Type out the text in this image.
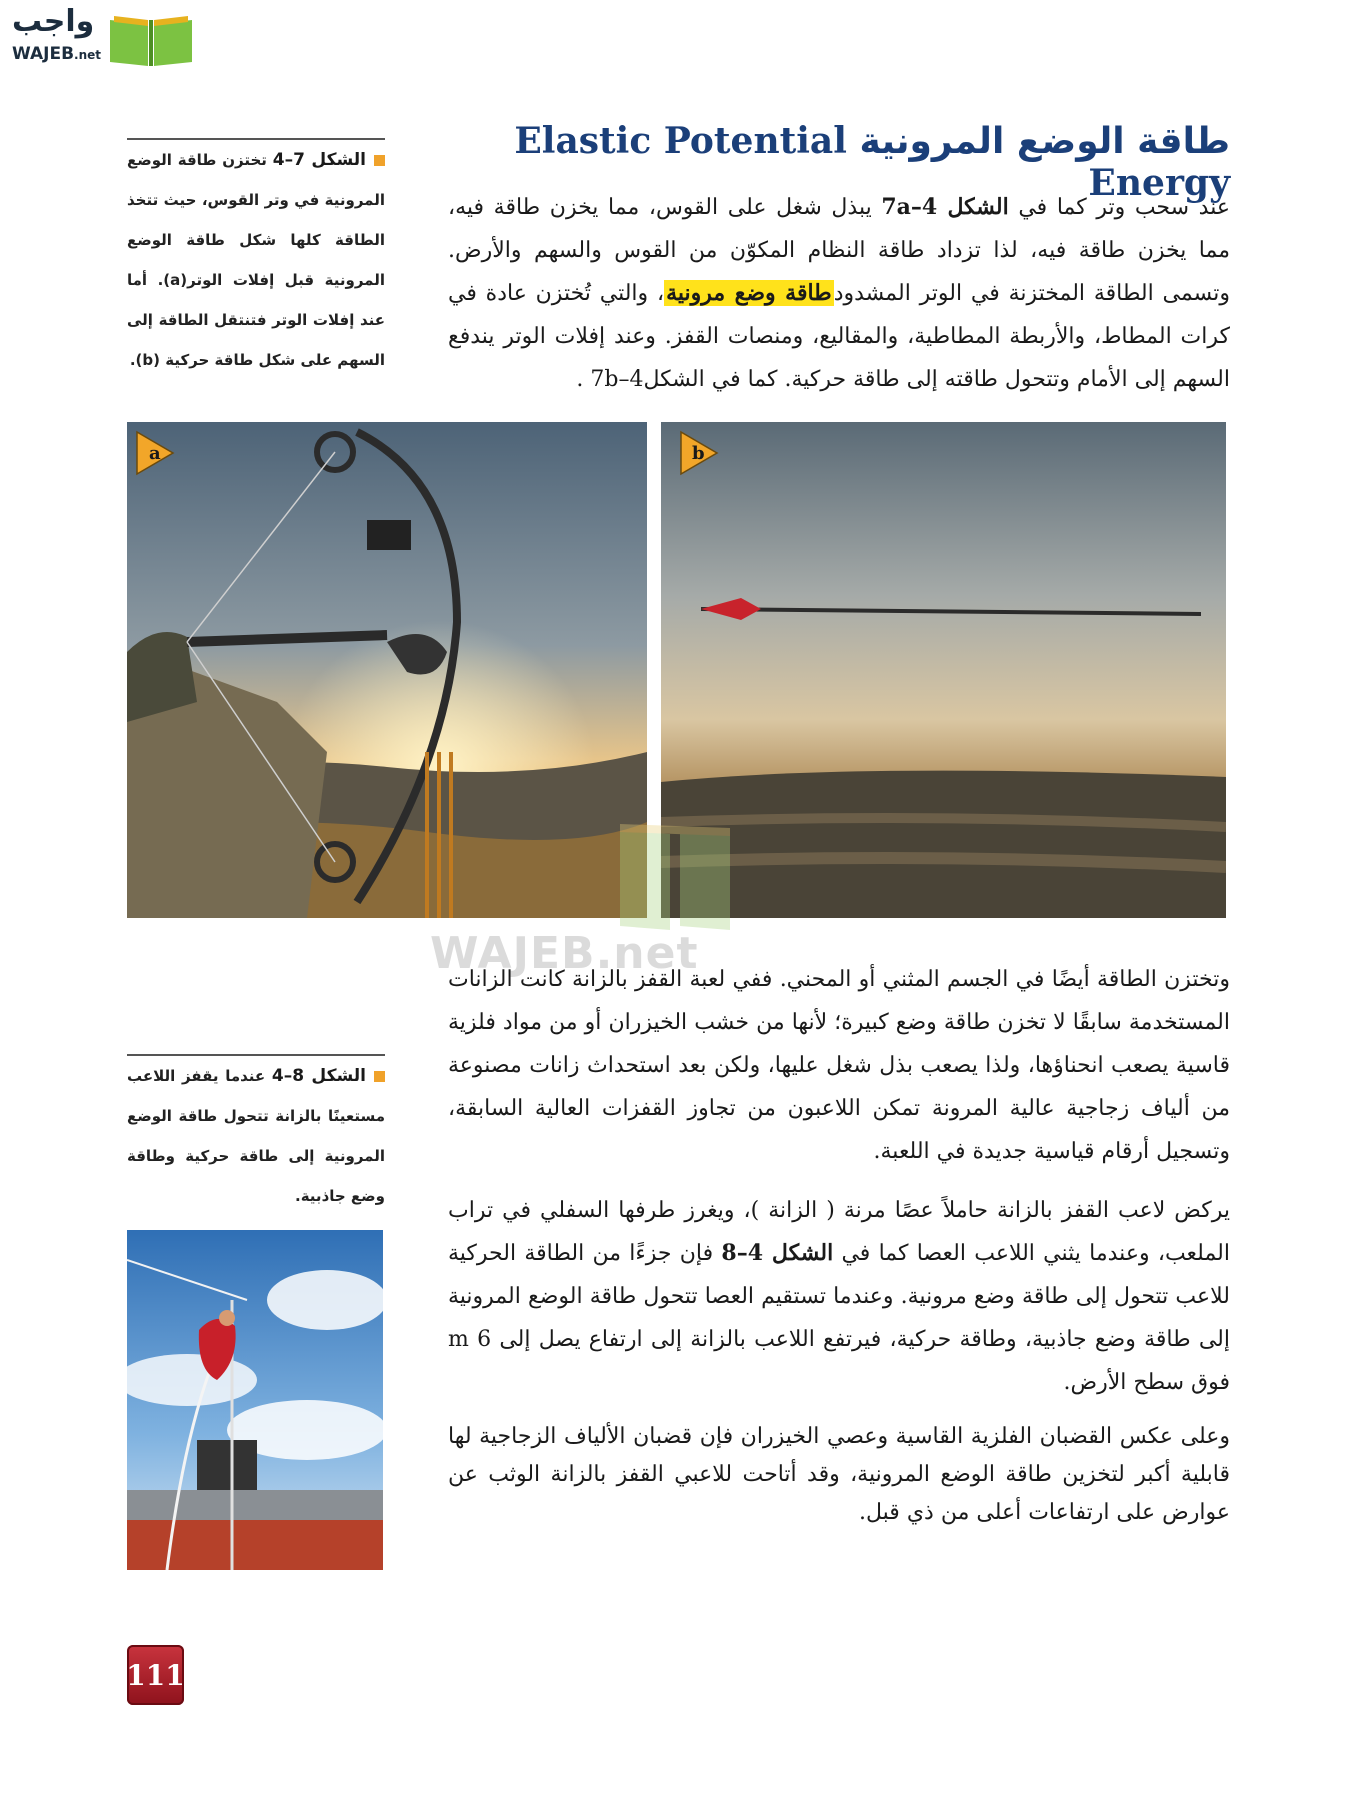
واجب
WAJEB.net
طاقة الوضع المرونية Elastic Potential Energy
الشكل 7–4 تختزن طاقة الوضع المرونية في وتر القوس، حيث تتخذ الطاقة كلها شكل طاقة الوضع المرونية قبل إفلات الوتر(a). أما عند إفلات الوتر فتنتقل الطاقة إلى السهم على شكل طاقة حركية (b).
عند سحب وتر كما في الشكل 4–7a يبذل شغل على القوس، مما يخزن طاقة فيه، مما يخزن طاقة فيه، لذا تزداد طاقة النظام المكوّن من القوس والسهم والأرض. وتسمى الطاقة المختزنة في الوتر المشدودطاقة وضع مرونية، والتي تُختزن عادة في كرات المطاط، والأربطة المطاطية، والمقاليع، ومنصات القفز. وعند إفلات الوتر يندفع السهم إلى الأمام وتتحول طاقته إلى طاقة حركية. كما في الشكل4–7b .
a	b
WAJEB.net
وتختزن الطاقة أيضًا في الجسم المثني أو المحني. ففي لعبة القفز بالزانة كانت الزانات المستخدمة سابقًا لا تخزن طاقة وضع كبيرة؛ لأنها من خشب الخيزران أو من مواد فلزية قاسية يصعب انحناؤها، ولذا يصعب بذل شغل عليها، ولكن بعد استحداث زانات مصنوعة من ألياف زجاجية عالية المرونة تمكن اللاعبون من تجاوز القفزات العالية السابقة، وتسجيل أرقام قياسية جديدة في اللعبة.
الشكل 8–4 عندما يقفز اللاعب مستعينًا بالزانة تتحول طاقة الوضع المرونية إلى طاقة حركية وطاقة وضع جاذبية.
يركض لاعب القفز بالزانة حاملاً عصًا مرنة ( الزانة )، ويغرز طرفها السفلي في تراب الملعب، وعندما يثني اللاعب العصا كما في الشكل 4–8 فإن جزءًا من الطاقة الحركية للاعب تتحول إلى طاقة وضع مرونية. وعندما تستقيم العصا تتحول طاقة الوضع المرونية إلى طاقة وضع جاذبية، وطاقة حركية، فيرتفع اللاعب بالزانة إلى ارتفاع يصل إلى 6 m فوق سطح الأرض.
وعلى عكس القضبان الفلزية القاسية وعصي الخيزران فإن قضبان الألياف الزجاجية لها قابلية أكبر لتخزين طاقة الوضع المرونية، وقد أتاحت للاعبي القفز بالزانة الوثب عن عوارض على ارتفاعات أعلى من ذي قبل.
111
